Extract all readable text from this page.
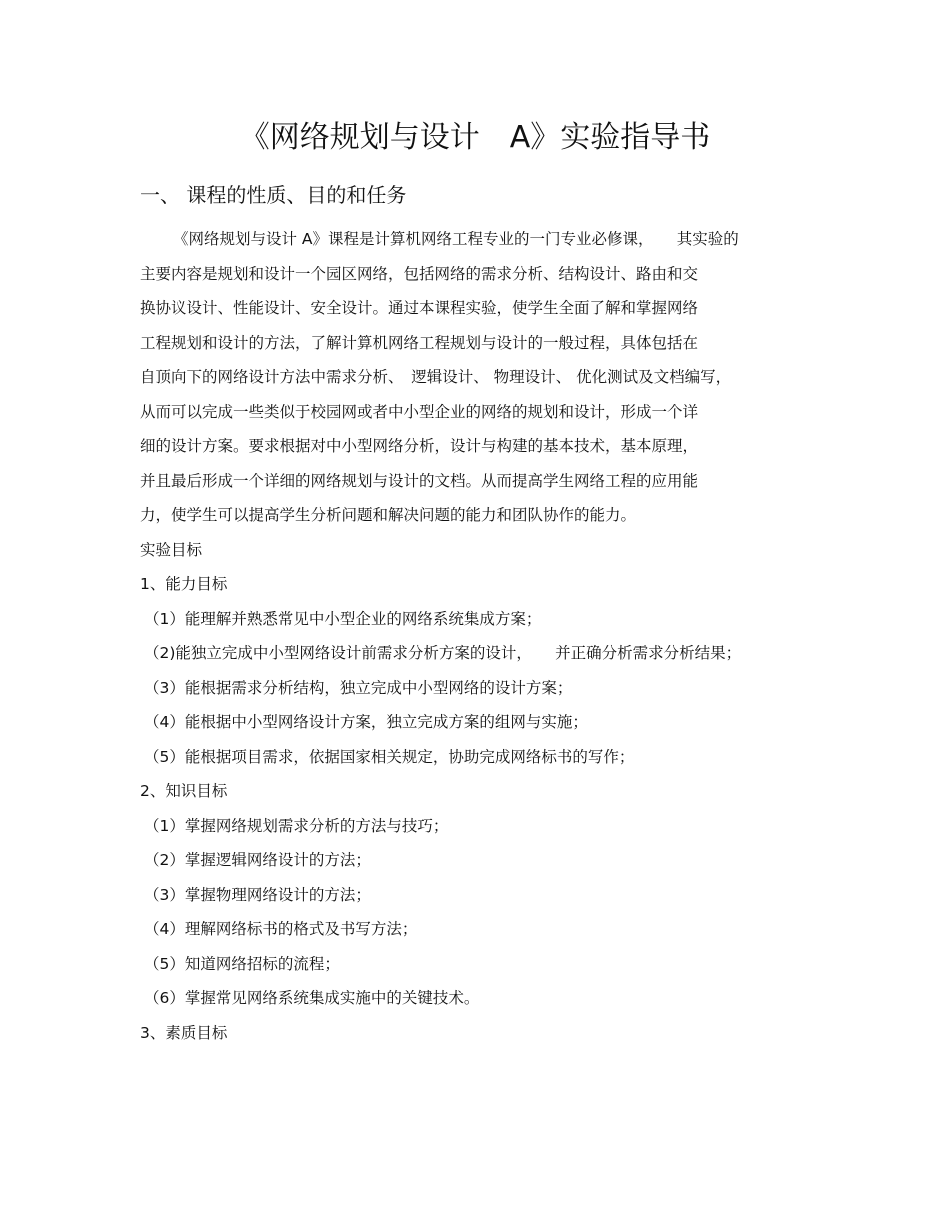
《网络规划与设计　A》实验指导书
一、 课程的性质、目的和任务
《网络规划与设计 A》课程是计算机网络工程专业的一门专业必修课，　　其实验的
主要内容是规划和设计一个园区网络，包括网络的需求分析、结构设计、路由和交
换协议设计、性能设计、安全设计。通过本课程实验，使学生全面了解和掌握网络
工程规划和设计的方法，了解计算机网络工程规划与设计的一般过程，具体包括在
自顶向下的网络设计方法中需求分析、　逻辑设计、 物理设计、 优化测试及文档编写，
从而可以完成一些类似于校园网或者中小型企业的网络的规划和设计，形成一个详
细的设计方案。要求根据对中小型网络分析，设计与构建的基本技术，基本原理，
并且最后形成一个详细的网络规划与设计的文档。从而提高学生网络工程的应用能
力，使学生可以提高学生分析问题和解决问题的能力和团队协作的能力。
实验目标
1、能力目标
（1）能理解并熟悉常见中小型企业的网络系统集成方案；
（2)能独立完成中小型网络设计前需求分析方案的设计，　　并正确分析需求分析结果；
（3）能根据需求分析结构，独立完成中小型网络的设计方案；
（4）能根据中小型网络设计方案，独立完成方案的组网与实施；
（5）能根据项目需求，依据国家相关规定，协助完成网络标书的写作；
2、知识目标
（1）掌握网络规划需求分析的方法与技巧；
（2）掌握逻辑网络设计的方法；
（3）掌握物理网络设计的方法；
（4）理解网络标书的格式及书写方法；
（5）知道网络招标的流程；
（6）掌握常见网络系统集成实施中的关键技术。
3、素质目标
